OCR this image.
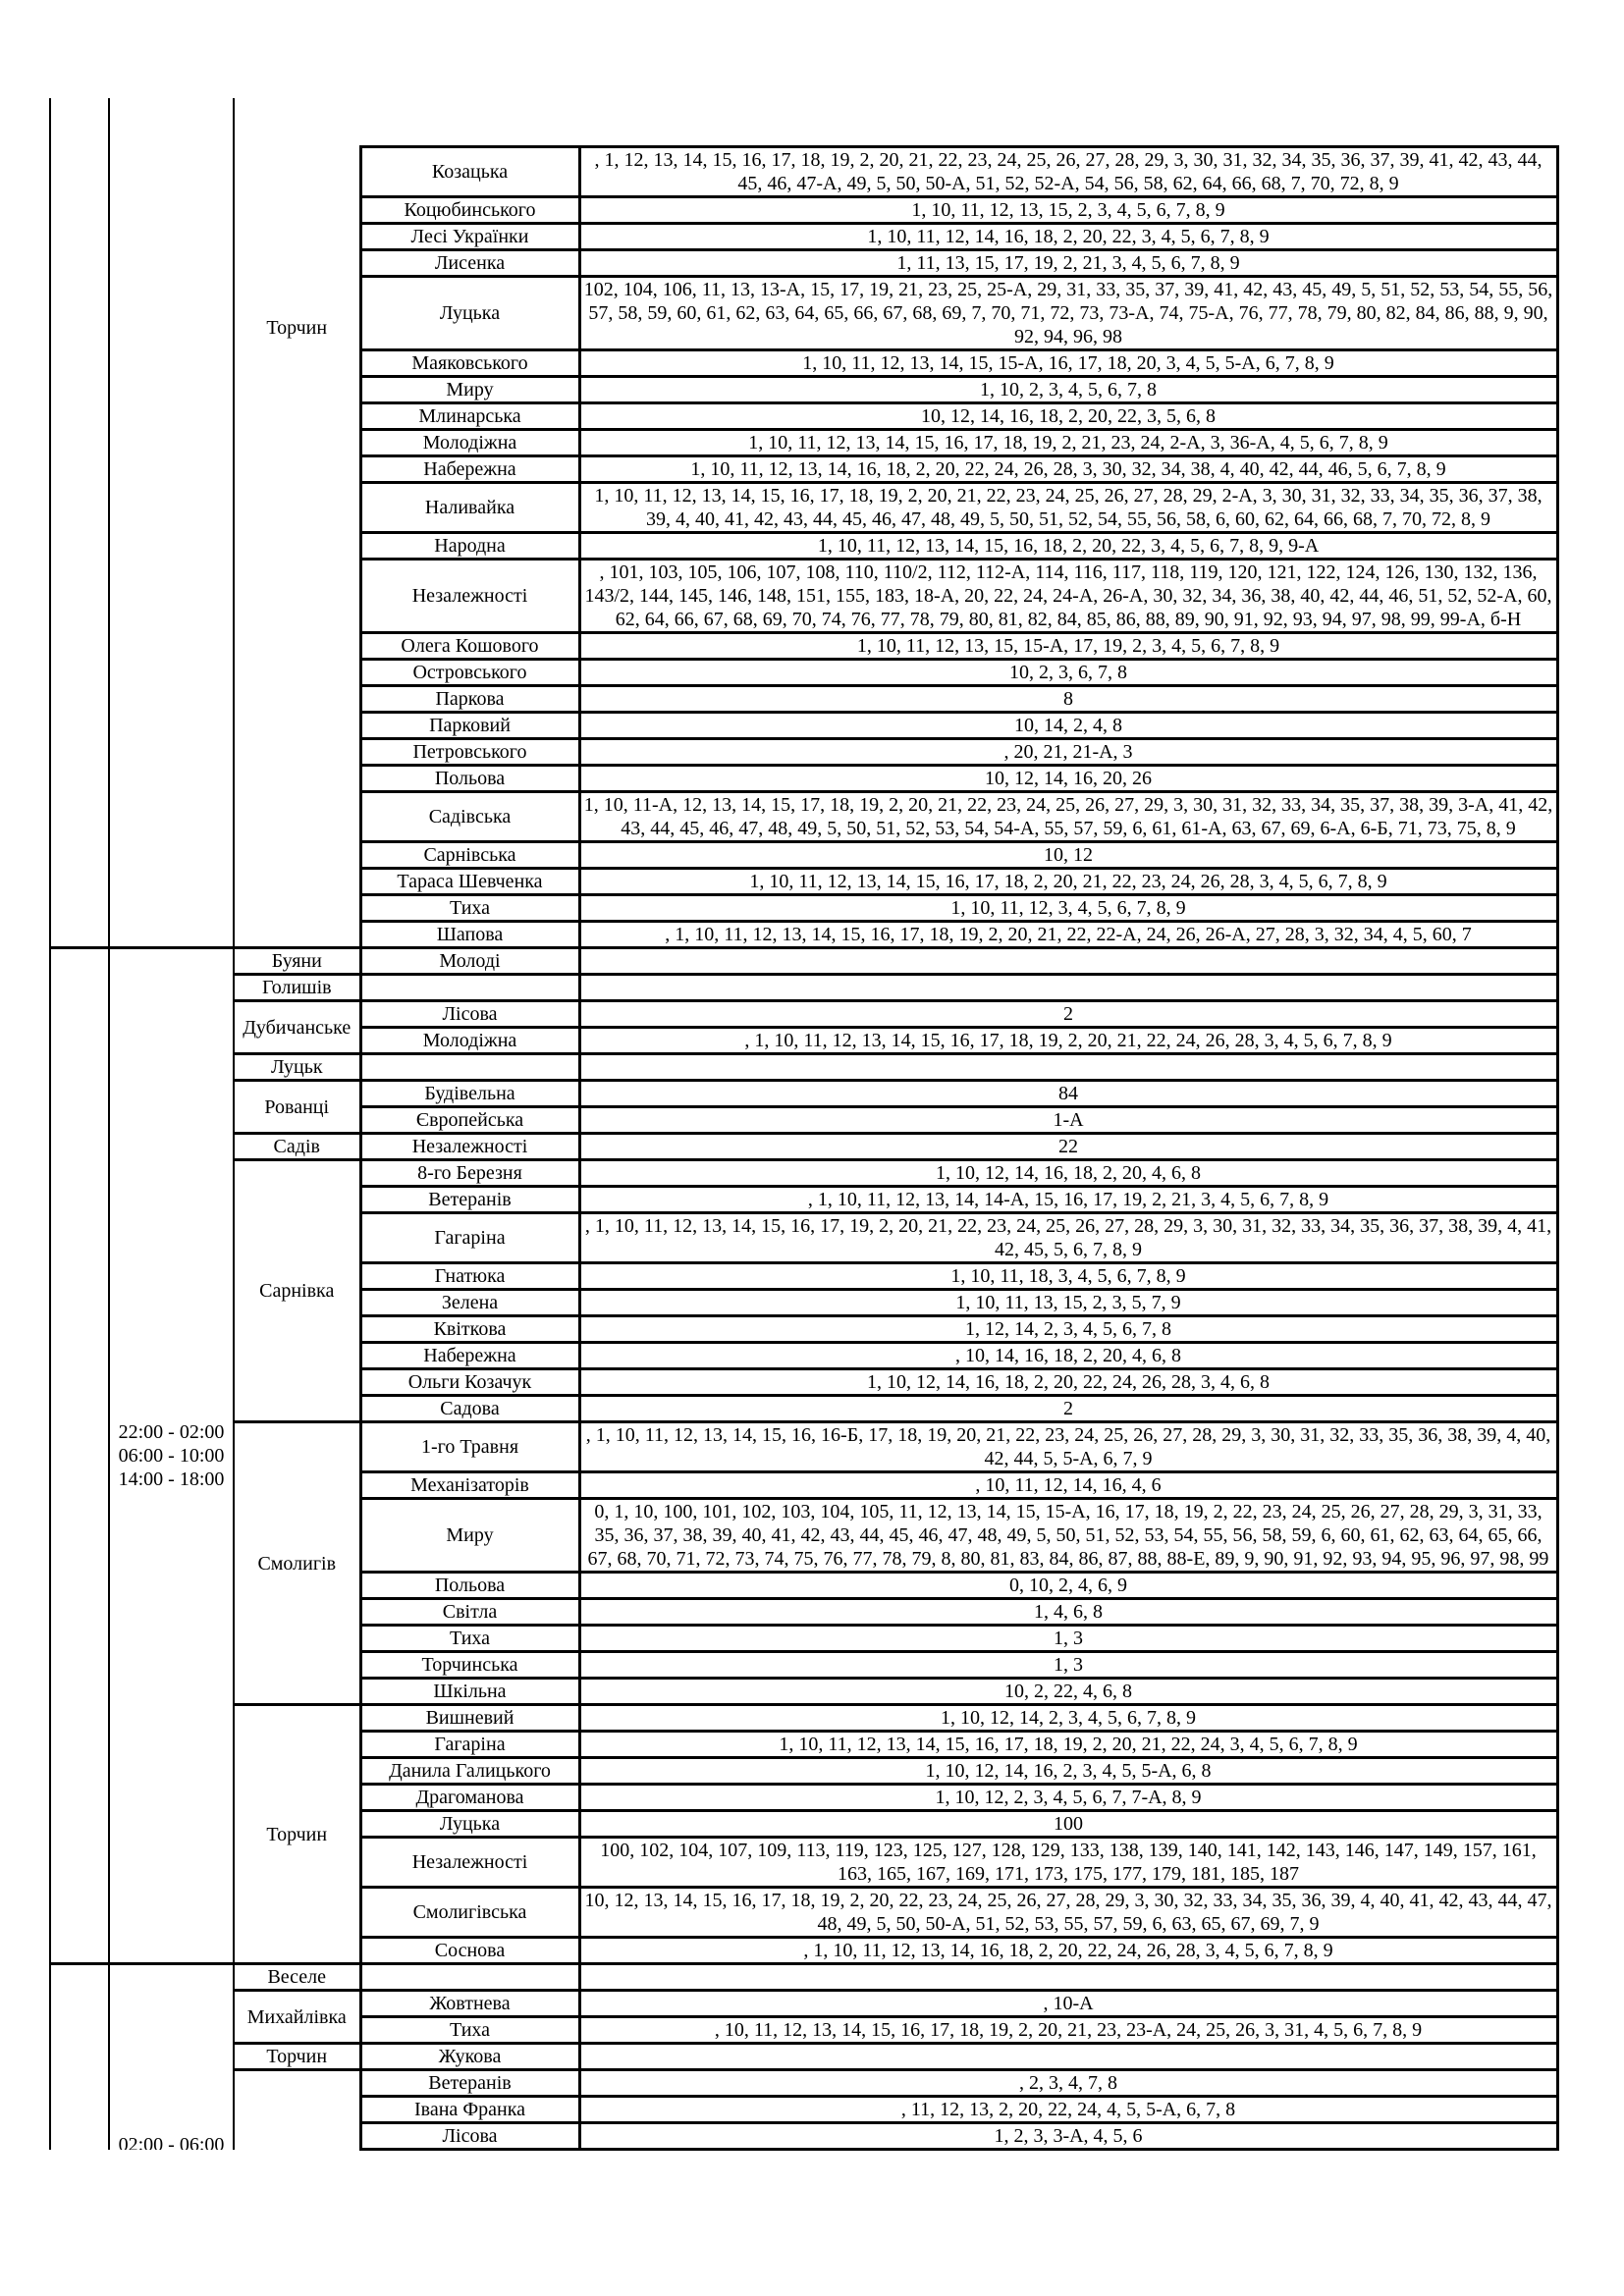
	Торчин	Козацька	, 1, 12, 13, 14, 15, 16, 17, 18, 19, 2, 20, 21, 22, 23, 24, 25, 26, 27, 28, 29, 3, 30, 31, 32, 34, 35, 36, 37, 39, 41, 42, 43, 44, 45, 46, 47-А, 49, 5, 50, 50-А, 51, 52, 52-А, 54, 56, 58, 62, 64, 66, 68, 7, 70, 72, 8, 9
			Коцюбинського	1, 10, 11, 12, 13, 15, 2, 3, 4, 5, 6, 7, 8, 9
			Лесі Українки	1, 10, 11, 12, 14, 16, 18, 2, 20, 22, 3, 4, 5, 6, 7, 8, 9
			Лисенка	1, 11, 13, 15, 17, 19, 2, 21, 3, 4, 5, 6, 7, 8, 9
			Луцька	102, 104, 106, 11, 13, 13-А, 15, 17, 19, 21, 23, 25, 25-А, 29, 31, 33, 35, 37, 39, 41, 42, 43, 45, 49, 5, 51, 52, 53, 54, 55, 56, 57, 58, 59, 60, 61, 62, 63, 64, 65, 66, 67, 68, 69, 7, 70, 71, 72, 73, 73-А, 74, 75-А, 76, 77, 78, 79, 80, 82, 84, 86, 88, 9, 90, 92, 94, 96, 98
			Маяковського	1, 10, 11, 12, 13, 14, 15, 15-А, 16, 17, 18, 20, 3, 4, 5, 5-А, 6, 7, 8, 9
			Миру	1, 10, 2, 3, 4, 5, 6, 7, 8
			Млинарська	10, 12, 14, 16, 18, 2, 20, 22, 3, 5, 6, 8
			Молодіжна	1, 10, 11, 12, 13, 14, 15, 16, 17, 18, 19, 2, 21, 23, 24, 2-А, 3, 36-А, 4, 5, 6, 7, 8, 9
			Набережна	1, 10, 11, 12, 13, 14, 16, 18, 2, 20, 22, 24, 26, 28, 3, 30, 32, 34, 38, 4, 40, 42, 44, 46, 5, 6, 7, 8, 9
			Наливайка	1, 10, 11, 12, 13, 14, 15, 16, 17, 18, 19, 2, 20, 21, 22, 23, 24, 25, 26, 27, 28, 29, 2-А, 3, 30, 31, 32, 33, 34, 35, 36, 37, 38, 39, 4, 40, 41, 42, 43, 44, 45, 46, 47, 48, 49, 5, 50, 51, 52, 54, 55, 56, 58, 6, 60, 62, 64, 66, 68, 7, 70, 72, 8, 9
			Народна	1, 10, 11, 12, 13, 14, 15, 16, 18, 2, 20, 22, 3, 4, 5, 6, 7, 8, 9, 9-А
			Незалежності	, 101, 103, 105, 106, 107, 108, 110, 110/2, 112, 112-А, 114, 116, 117, 118, 119, 120, 121, 122, 124, 126, 130, 132, 136, 143/2, 144, 145, 146, 148, 151, 155, 183, 18-А, 20, 22, 24, 24-А, 26-А, 30, 32, 34, 36, 38, 40, 42, 44, 46, 51, 52, 52-А, 60, 62, 64, 66, 67, 68, 69, 70, 74, 76, 77, 78, 79, 80, 81, 82, 84, 85, 86, 88, 89, 90, 91, 92, 93, 94, 97, 98, 99, 99-А, б-Н
			Олега Кошового	1, 10, 11, 12, 13, 15, 15-А, 17, 19, 2, 3, 4, 5, 6, 7, 8, 9
			Островського	10, 2, 3, 6, 7, 8
			Паркова	8
			Парковий	10, 14, 2, 4, 8
			Петровського	, 20, 21, 21-А, 3
			Польова	10, 12, 14, 16, 20, 26
			Садівська	1, 10, 11-А, 12, 13, 14, 15, 17, 18, 19, 2, 20, 21, 22, 23, 24, 25, 26, 27, 29, 3, 30, 31, 32, 33, 34, 35, 37, 38, 39, 3-А, 41, 42, 43, 44, 45, 46, 47, 48, 49, 5, 50, 51, 52, 53, 54, 54-А, 55, 57, 59, 6, 61, 61-А, 63, 67, 69, 6-А, 6-Б, 71, 73, 75, 8, 9
			Сарнівська	10, 12
			Тараса Шевченка	1, 10, 11, 12, 13, 14, 15, 16, 17, 18, 2, 20, 21, 22, 23, 24, 26, 28, 3, 4, 5, 6, 7, 8, 9
			Тиха	1, 10, 11, 12, 3, 4, 5, 6, 7, 8, 9
			Шапова	, 1, 10, 11, 12, 13, 14, 15, 16, 17, 18, 19, 2, 20, 21, 22, 22-А, 24, 26, 26-А, 27, 28, 3, 32, 34, 4, 5, 60, 7

	22:00 - 02:00
06:00 - 10:00
14:00 - 18:00	Буяни	Молоді	
		Голишів		
		Дубичанське	Лісова	2
			Молодіжна	, 1, 10, 11, 12, 13, 14, 15, 16, 17, 18, 19, 2, 20, 21, 22, 24, 26, 28, 3, 4, 5, 6, 7, 8, 9
		Луцьк		
		Рованці	Будівельна	84
			Європейська	1-А
		Садів	Незалежності	22
		Сарнівка	8-го Березня	1, 10, 12, 14, 16, 18, 2, 20, 4, 6, 8
			Ветеранів	, 1, 10, 11, 12, 13, 14, 14-А, 15, 16, 17, 19, 2, 21, 3, 4, 5, 6, 7, 8, 9
			Гагаріна	, 1, 10, 11, 12, 13, 14, 15, 16, 17, 19, 2, 20, 21, 22, 23, 24, 25, 26, 27, 28, 29, 3, 30, 31, 32, 33, 34, 35, 36, 37, 38, 39, 4, 41, 42, 45, 5, 6, 7, 8, 9
			Гнатюка	1, 10, 11, 18, 3, 4, 5, 6, 7, 8, 9
			Зелена	1, 10, 11, 13, 15, 2, 3, 5, 7, 9
			Квіткова	1, 12, 14, 2, 3, 4, 5, 6, 7, 8
			Набережна	, 10, 14, 16, 18, 2, 20, 4, 6, 8
			Ольги Козачук	1, 10, 12, 14, 16, 18, 2, 20, 22, 24, 26, 28, 3, 4, 6, 8
			Садова	2
		Смолигів	1-го Травня	, 1, 10, 11, 12, 13, 14, 15, 16, 16-Б, 17, 18, 19, 20, 21, 22, 23, 24, 25, 26, 27, 28, 29, 3, 30, 31, 32, 33, 35, 36, 38, 39, 4, 40, 42, 44, 5, 5-А, 6, 7, 9
			Механізаторів	, 10, 11, 12, 14, 16, 4, 6
			Миру	0, 1, 10, 100, 101, 102, 103, 104, 105, 11, 12, 13, 14, 15, 15-А, 16, 17, 18, 19, 2, 22, 23, 24, 25, 26, 27, 28, 29, 3, 31, 33, 35, 36, 37, 38, 39, 40, 41, 42, 43, 44, 45, 46, 47, 48, 49, 5, 50, 51, 52, 53, 54, 55, 56, 58, 59, 6, 60, 61, 62, 63, 64, 65, 66, 67, 68, 70, 71, 72, 73, 74, 75, 76, 77, 78, 79, 8, 80, 81, 83, 84, 86, 87, 88, 88-Е, 89, 9, 90, 91, 92, 93, 94, 95, 96, 97, 98, 99
			Польова	0, 10, 2, 4, 6, 9
			Світла	1, 4, 6, 8
			Тиха	1, 3
			Торчинська	1, 3
			Шкільна	10, 2, 22, 4, 6, 8
		Торчин	Вишневий	1, 10, 12, 14, 2, 3, 4, 5, 6, 7, 8, 9
			Гагаріна	1, 10, 11, 12, 13, 14, 15, 16, 17, 18, 19, 2, 20, 21, 22, 24, 3, 4, 5, 6, 7, 8, 9
			Данила Галицького	1, 10, 12, 14, 16, 2, 3, 4, 5, 5-А, 6, 8
			Драгоманова	1, 10, 12, 2, 3, 4, 5, 6, 7, 7-А, 8, 9
			Луцька	100
			Незалежності	100, 102, 104, 107, 109, 113, 119, 123, 125, 127, 128, 129, 133, 138, 139, 140, 141, 142, 143, 146, 147, 149, 157, 161, 163, 165, 167, 169, 171, 173, 175, 177, 179, 181, 185, 187
			Смолигівська	10, 12, 13, 14, 15, 16, 17, 18, 19, 2, 20, 22, 23, 24, 25, 26, 27, 28, 29, 3, 30, 32, 33, 34, 35, 36, 39, 4, 40, 41, 42, 43, 44, 47, 48, 49, 5, 50, 50-А, 51, 52, 53, 55, 57, 59, 6, 63, 65, 67, 69, 7, 9
			Соснова	, 1, 10, 11, 12, 13, 14, 16, 18, 2, 20, 22, 24, 26, 28, 3, 4, 5, 6, 7, 8, 9

	02:00 - 06:00	Веселе		
		Михайлівка	Жовтнева	, 10-А
			Тиха	, 10, 11, 12, 13, 14, 15, 16, 17, 18, 19, 2, 20, 21, 23, 23-А, 24, 25, 26, 3, 31, 4, 5, 6, 7, 8, 9
		Торчин	Жукова	
			Ветеранів	, 2, 3, 4, 7, 8
			Івана Франка	, 11, 12, 13, 2, 20, 22, 24, 4, 5, 5-А, 6, 7, 8
			Лісова	1, 2, 3, 3-А, 4, 5, 6
